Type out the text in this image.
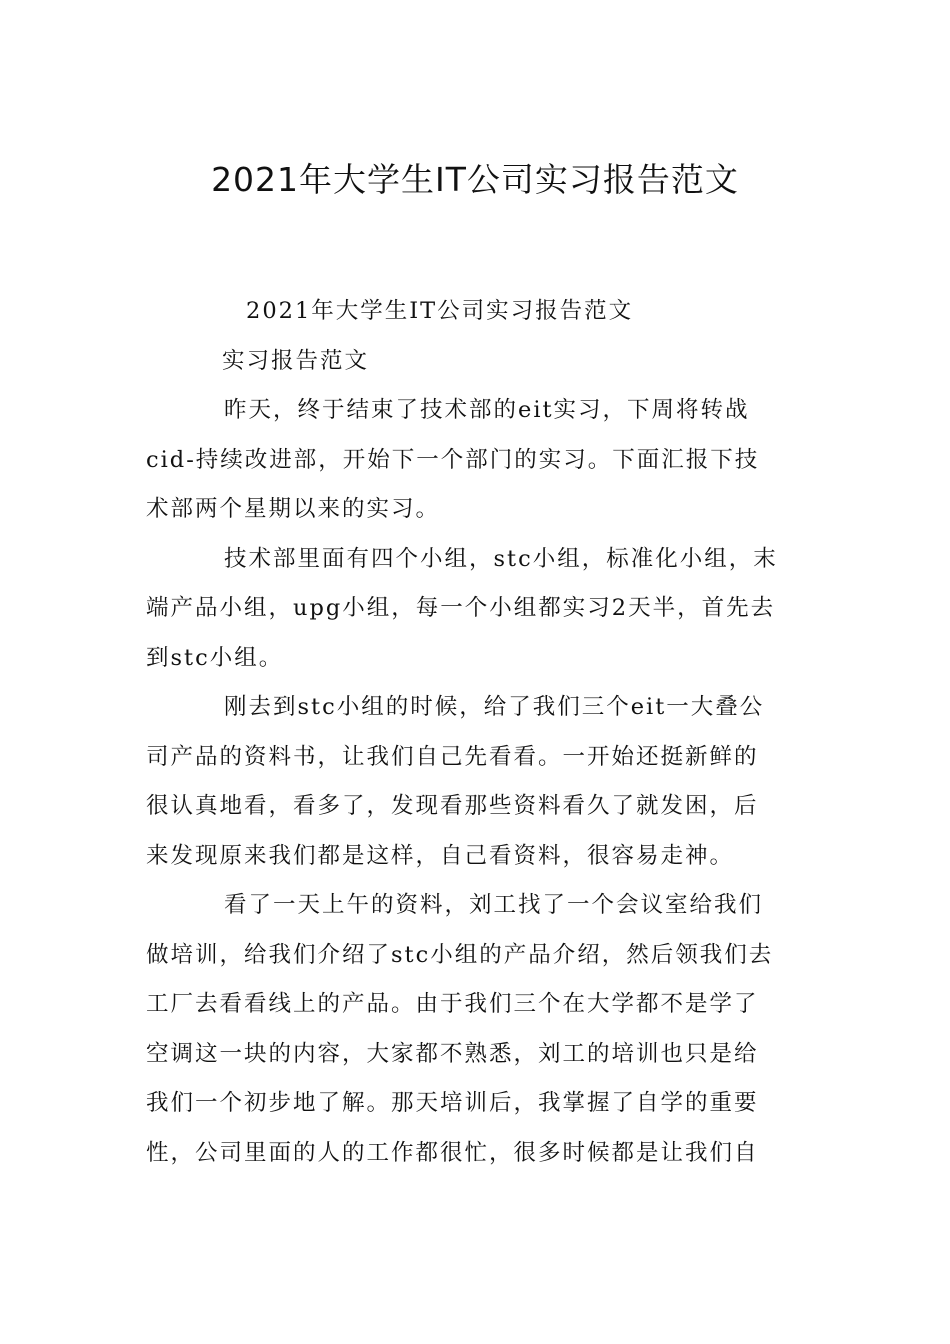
2021年大学生IT公司实习报告范文
2021年大学生IT公司实习报告范文
实习报告范文
昨天，终于结束了技术部的eit实习，下周将转战
cid-持续改进部，开始下一个部门的实习。下面汇报下技
术部两个星期以来的实习。
技术部里面有四个小组，stc小组，标准化小组，末
端产品小组，upg小组，每一个小组都实习2天半，首先去
到stc小组。
刚去到stc小组的时候，给了我们三个eit一大叠公
司产品的资料书，让我们自己先看看。一开始还挺新鲜的
很认真地看，看多了，发现看那些资料看久了就发困，后
来发现原来我们都是这样，自己看资料，很容易走神。
看了一天上午的资料，刘工找了一个会议室给我们
做培训，给我们介绍了stc小组的产品介绍，然后领我们去
工厂去看看线上的产品。由于我们三个在大学都不是学了
空调这一块的内容，大家都不熟悉，刘工的培训也只是给
我们一个初步地了解。那天培训后，我掌握了自学的重要
性，公司里面的人的工作都很忙，很多时候都是让我们自
